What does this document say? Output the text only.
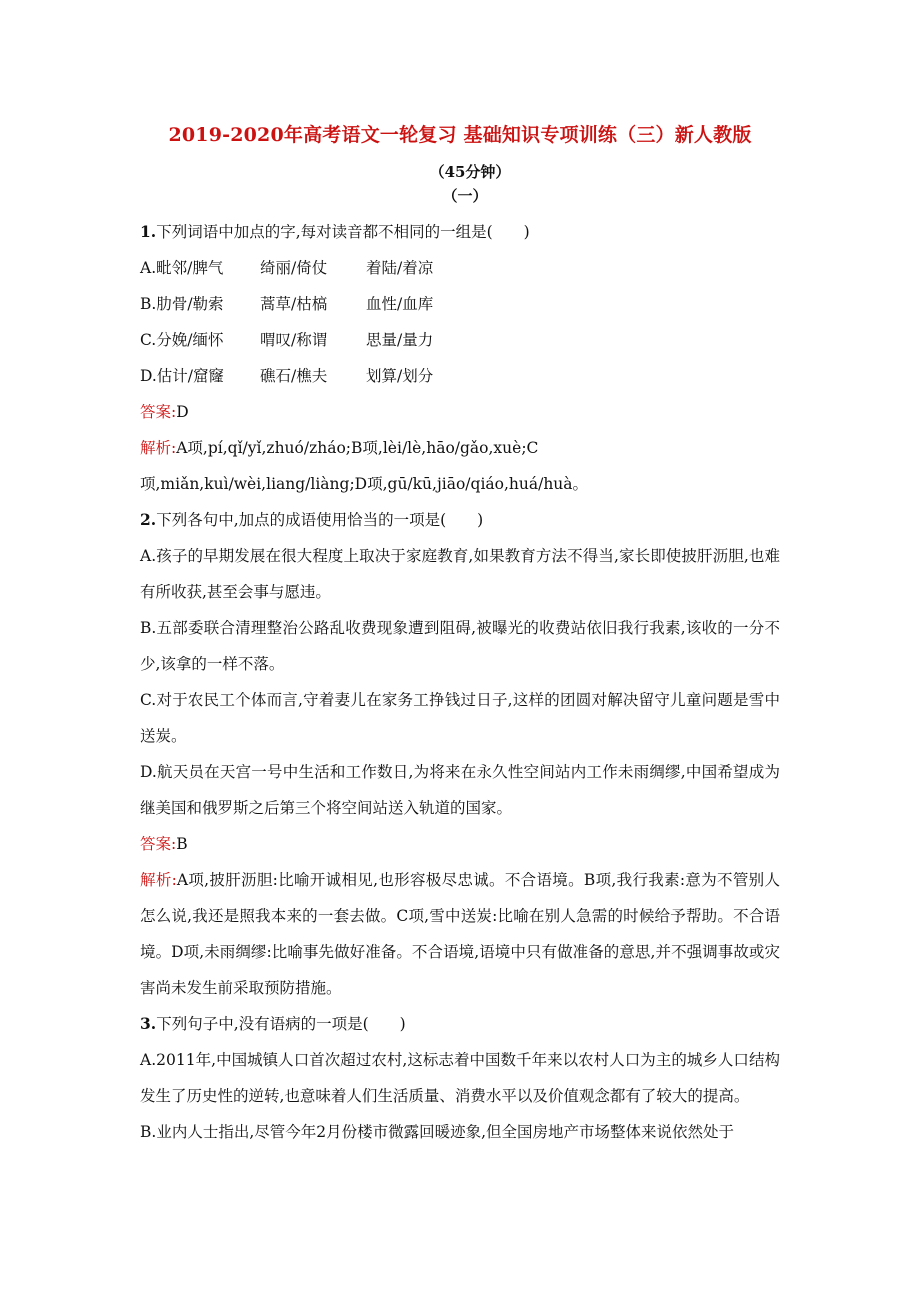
2019-2020年高考语文一轮复习 基础知识专项训练（三）新人教版
（45分钟）
（一）

1.下列词语中加点的字,每对读音都不相同的一组是(　　)

A.毗邻/脾气	绮丽/倚仗	着陆/着凉
B.肋骨/勒索	蒿草/枯槁	血性/血库
C.分娩/缅怀	喟叹/称谓	思量/量力
D.估计/窟窿	礁石/樵夫	划算/划分

答案:D

解析:A项,pí,qǐ/yǐ,zhuó/zháo;B项,lèi/lè,hāo/gǎo,xuè;C
项,miǎn,kuì/wèi,liang/liàng;D项,gū/kū,jiāo/qiáo,huá/huà。

2.下列各句中,加点的成语使用恰当的一项是(　　)

A.孩子的早期发展在很大程度上取决于家庭教育,如果教育方法不得当,家长即使披肝沥胆,也难有所收获,甚至会事与愿违。

B.五部委联合清理整治公路乱收费现象遭到阻碍,被曝光的收费站依旧我行我素,该收的一分不少,该拿的一样不落。

C.对于农民工个体而言,守着妻儿在家务工挣钱过日子,这样的团圆对解决留守儿童问题是雪中送炭。

D.航天员在天宫一号中生活和工作数日,为将来在永久性空间站内工作未雨绸缪,中国希望成为继美国和俄罗斯之后第三个将空间站送入轨道的国家。

答案:B

解析:A项,披肝沥胆:比喻开诚相见,也形容极尽忠诚。不合语境。B项,我行我素:意为不管别人怎么说,我还是照我本来的一套去做。C项,雪中送炭:比喻在别人急需的时候给予帮助。不合语境。D项,未雨绸缪:比喻事先做好准备。不合语境,语境中只有做准备的意思,并不强调事故或灾害尚未发生前采取预防措施。

3.下列句子中,没有语病的一项是(　　)

A.2011年,中国城镇人口首次超过农村,这标志着中国数千年来以农村人口为主的城乡人口结构发生了历史性的逆转,也意味着人们生活质量、消费水平以及价值观念都有了较大的提高。

B.业内人士指出,尽管今年2月份楼市微露回暖迹象,但全国房地产市场整体来说依然处于
